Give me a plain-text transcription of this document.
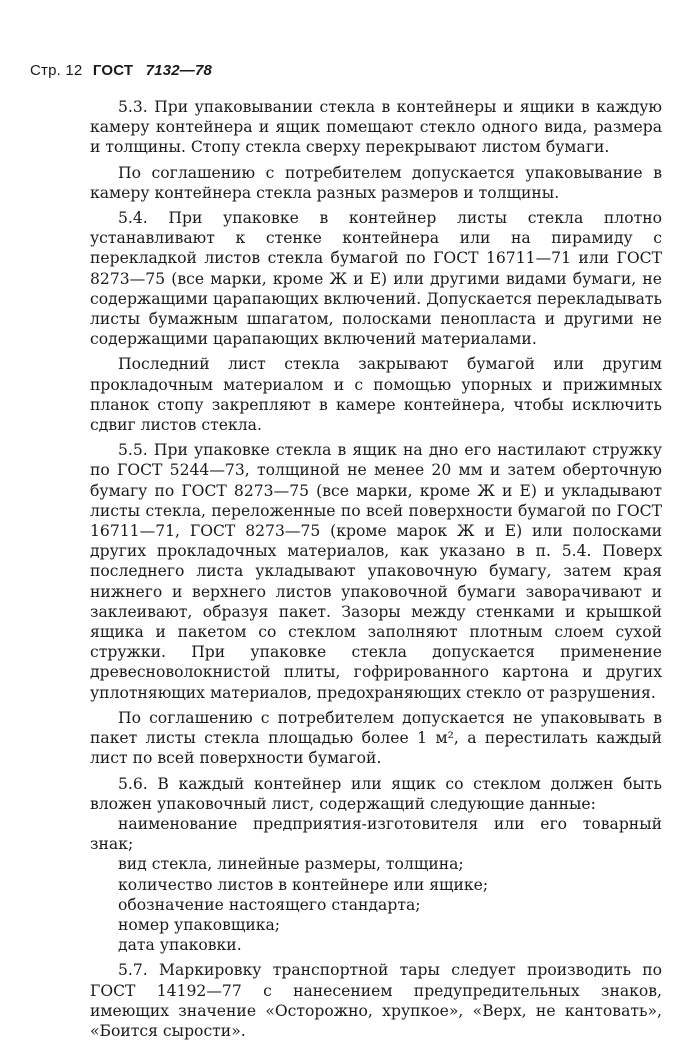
Стр. 12 ГОСТ 7132—78

5.3. При упаковывании стекла в контейнеры и ящики в каждую камеру контейнера и ящик помещают стекло одного вида, размера и толщины. Стопу стекла сверху перекрывают листом бумаги.

По соглашению с потребителем допускается упаковывание в камеру контейнера стекла разных размеров и толщины.

5.4. При упаковке в контейнер листы стекла плотно устанавливают к стенке контейнера или на пирамиду с перекладкой листов стекла бумагой по ГОСТ 16711—71 или ГОСТ 8273—75 (все марки, кроме Ж и Е) или другими видами бумаги, не содержащими царапающих включений. Допускается перекладывать листы бумажным шпагатом, полосками пенопласта и другими не содержащими царапающих включений материалами.

Последний лист стекла закрывают бумагой или другим прокладочным материалом и с помощью упорных и прижимных планок стопу закрепляют в камере контейнера, чтобы исключить сдвиг листов стекла.

5.5. При упаковке стекла в ящик на дно его настилают стружку по ГОСТ 5244—73, толщиной не менее 20 мм и затем оберточную бумагу по ГОСТ 8273—75 (все марки, кроме Ж и Е) и укладывают листы стекла, переложенные по всей поверхности бумагой по ГОСТ 16711—71, ГОСТ 8273—75 (кроме марок Ж и Е) или полосками других прокладочных материалов, как указано в п. 5.4. Поверх последнего листа укладывают упаковочную бумагу, затем края нижнего и верхнего листов упаковочной бумаги заворачивают и заклеивают, образуя пакет. Зазоры между стенками и крышкой ящика и пакетом со стеклом заполняют плотным слоем сухой стружки. При упаковке стекла допускается применение древесноволокнистой плиты, гофрированного картона и других уплотняющих материалов, предохраняющих стекло от разрушения.

По соглашению с потребителем допускается не упаковывать в пакет листы стекла площадью более 1 м², а перестилать каждый лист по всей поверхности бумагой.

5.6. В каждый контейнер или ящик со стеклом должен быть вложен упаковочный лист, содержащий следующие данные:

наименование предприятия-изготовителя или его товарный знак;

вид стекла, линейные размеры, толщина;

количество листов в контейнере или ящике;

обозначение настоящего стандарта;

номер упаковщика;

дата упаковки.

5.7. Маркировку транспортной тары следует производить по ГОСТ 14192—77 с нанесением предупредительных знаков, имеющих значение «Осторожно, хрупкое», «Верх, не кантовать», «Боится сырости».
